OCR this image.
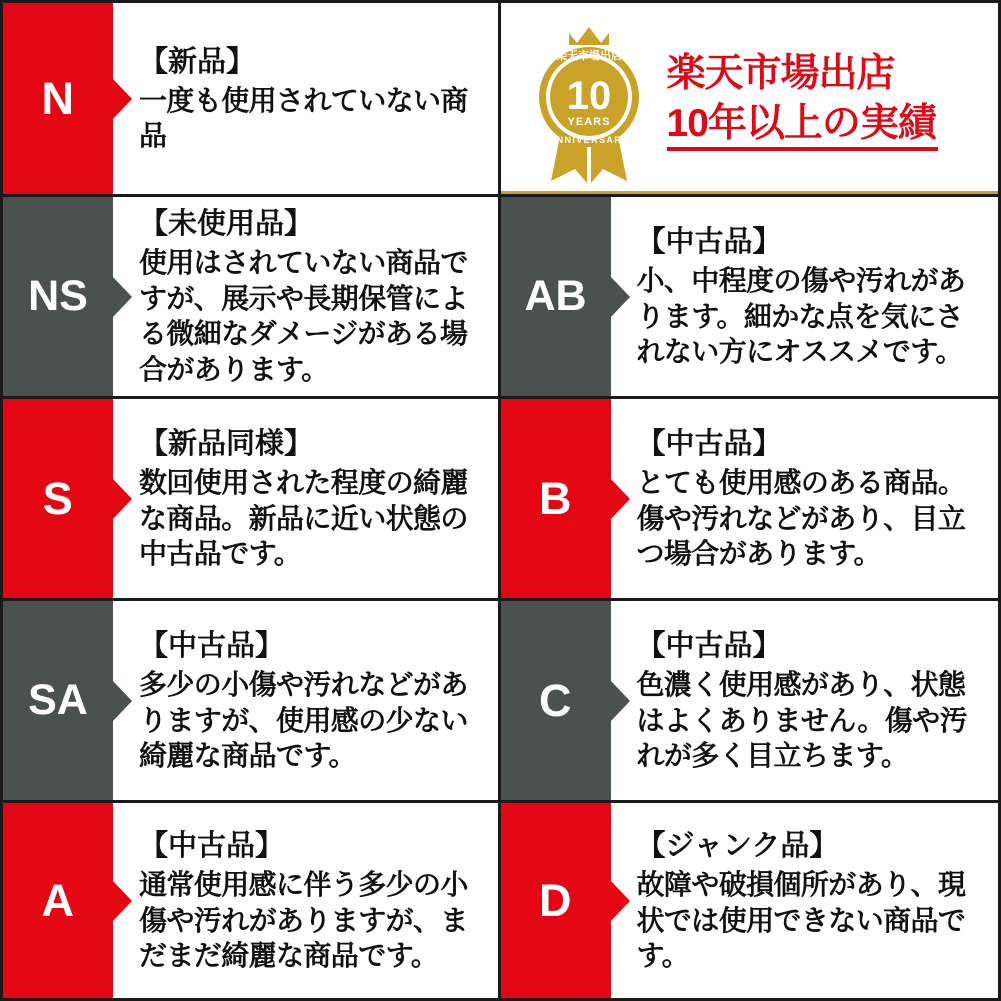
N
【新品】
一度も使用されていない商品
楽天市場出店
10
YEARS
ANNIVERSARY
楽天市場出店
10年以上の実績
NS
【未使用品】
使用はされていない商品ですが、展示や長期保管による微細なダメージがある場合があります。
AB
【中古品】
小、中程度の傷や汚れがあります。細かな点を気にされない方にオススメです。
S
【新品同様】
数回使用された程度の綺麗な商品。新品に近い状態の中古品です。
B
【中古品】
とても使用感のある商品。傷や汚れなどがあり、目立つ場合があります。
SA
【中古品】
多少の小傷や汚れなどがありますが、使用感の少ない綺麗な商品です。
C
【中古品】
色濃く使用感があり、状態はよくありません。傷や汚れが多く目立ちます。
A
【中古品】
通常使用感に伴う多少の小傷や汚れがありますが、まだまだ綺麗な商品です。
D
【ジャンク品】
故障や破損個所があり、現状では使用できない商品です。
